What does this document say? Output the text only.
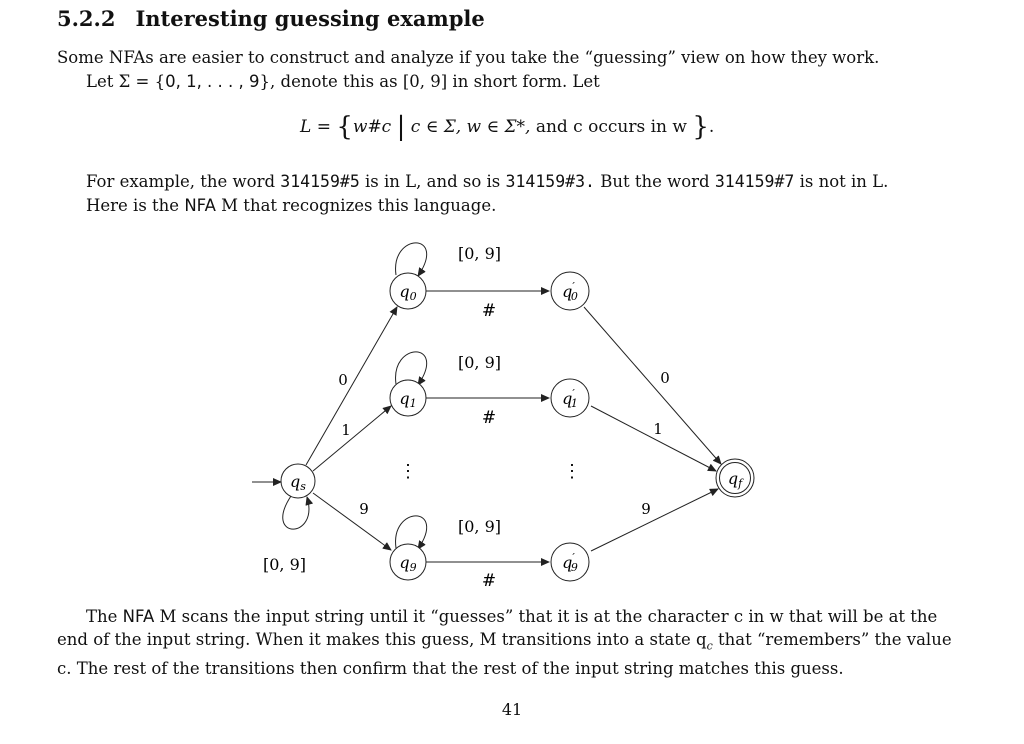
5.2.2 Interesting guessing example
Some NFAs are easier to construct and analyze if you take the “guessing” view on how they work.
Let Σ = {0, 1, . . . , 9}, denote this as [0, 9] in short form. Let
L = {w#c | c ∈ Σ, w ∈ Σ*, and c occurs in w }.
For example, the word 314159#5 is in L, and so is 314159#3. But the word 314159#7 is not in L.
Here is the NFA M that recognizes this language.
qs
q0
q1
q9
q′ 0
q′ 1
q′ 9
qf
[0, 9]
[0, 9]
[0, 9]
[0, 9]
#
#
#
0
1
9
0
1
9
⋮	⋮

The NFA M scans the input string until it “guesses” that it is at the character c in w that will be at the end of the input string. When it makes this guess, M transitions into a state $q_c$ that “remembers” the value c. The rest of the transitions then confirm that the rest of the input string matches this guess.

41
